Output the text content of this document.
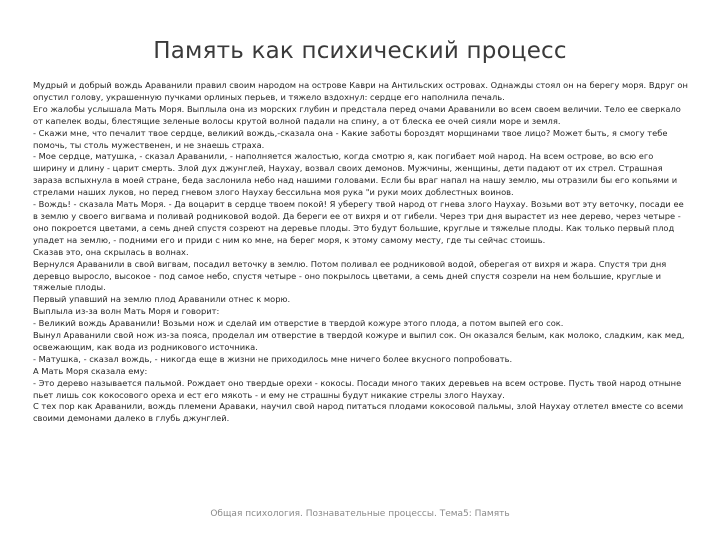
Память как психический процесс

Мудрый и добрый вождь Араванили правил своим народом на острове Каври на Антильских островах. Однажды стоял он на берегу моря. Вдруг он опустил голову, украшенную пучками орлиных перьев, и тяжело вздохнул: сердце его наполнила печаль.

Его жалобы услышала Мать Моря. Выплыла она из морских глубин и предстала перед очами Араванили во всем своем величии. Тело ее сверкало от капелек воды, блестящие зеленые волосы крутой волной падали на спину, а от блеска ее очей сияли море и земля.

- Скажи мне, что печалит твое сердце, великий вождь,-сказала она - Какие заботы бороздят морщинами твое лицо? Может быть, я смогу тебе помочь, ты столь мужественен, и не знаешь страха.

- Мое сердце, матушка, - сказал Араванили, - наполняется жалостью, когда смотрю я, как погибает мой народ. На всем острове, во всю его ширину и длину - царит смерть. Злой дух джунглей, Наухау, возвал своих демонов. Мужчины, женщины, дети падают от их стрел. Страшная зараза вспыхнула в моей стране, беда заслонила небо над нашими головами. Если бы враг напал на нашу землю, мы отразили бы его копьями и стрелами наших луков, но перед гневом злого Наухау бессильна моя рука "и руки моих доблестных воинов.

- Вождь! - сказала Мать Моря. - Да воцарит в сердце твоем покой! Я уберегу твой народ от гнева злого Наухау. Возьми вот эту веточку, посади ее в землю у своего вигвама и поливай родниковой водой. Да береги ее от вихря и от гибели. Через три дня вырастет из нее дерево, через четыре - оно покроется цветами, а семь дней спустя созреют на деревье плоды. Это будут большие, круглые и тяжелые плоды. Как только первый плод упадет на землю, - подними его и приди с ним ко мне, на берег моря, к этому самому месту, где ты сейчас стоишь.

Сказав это, она скрылась в волнах.

Вернулся Араванили в свой вигвам, посадил веточку в землю. Потом поливал ее родниковой водой, оберегая от вихря и жара. Спустя три дня деревцо выросло, высокое - под самое небо, спустя четыре - оно покрылось цветами, а семь дней спустя созрели на нем большие, круглые и тяжелые плоды.

Первый упавший на землю плод Араванили отнес к морю.

Выплыла из-за волн Мать Моря и говорит:

- Великий вождь Араванили! Возьми нож и сделай им отверстие в твердой кожуре этого плода, а потом выпей его сок.

Вынул Араванили свой нож из-за пояса, проделал им отверстие в твердой кожуре и выпил сок. Он оказался белым, как молоко, сладким, как мед, освежающим, как вода из родникового источника.

- Матушка, - сказал вождь, - никогда еще в жизни не приходилось мне ничего более вкусного попробовать.

А Мать Моря сказала ему:

- Это дерево называется пальмой. Рождает оно твердые орехи - кокосы. Посади много таких деревьев на всем острове. Пусть твой народ отныне пьет лишь сок кокосового ореха и ест его мякоть - и ему не страшны будут никакие стрелы злого Наухау.

С тех пор как Араванили, вождь племени Араваки, научил свой народ питаться плодами кокосовой пальмы, злой Наухау отлетел вместе со всеми своими демонами далеко в глубь джунглей.

Общая психология. Познавательные процессы. Тема5: Память
